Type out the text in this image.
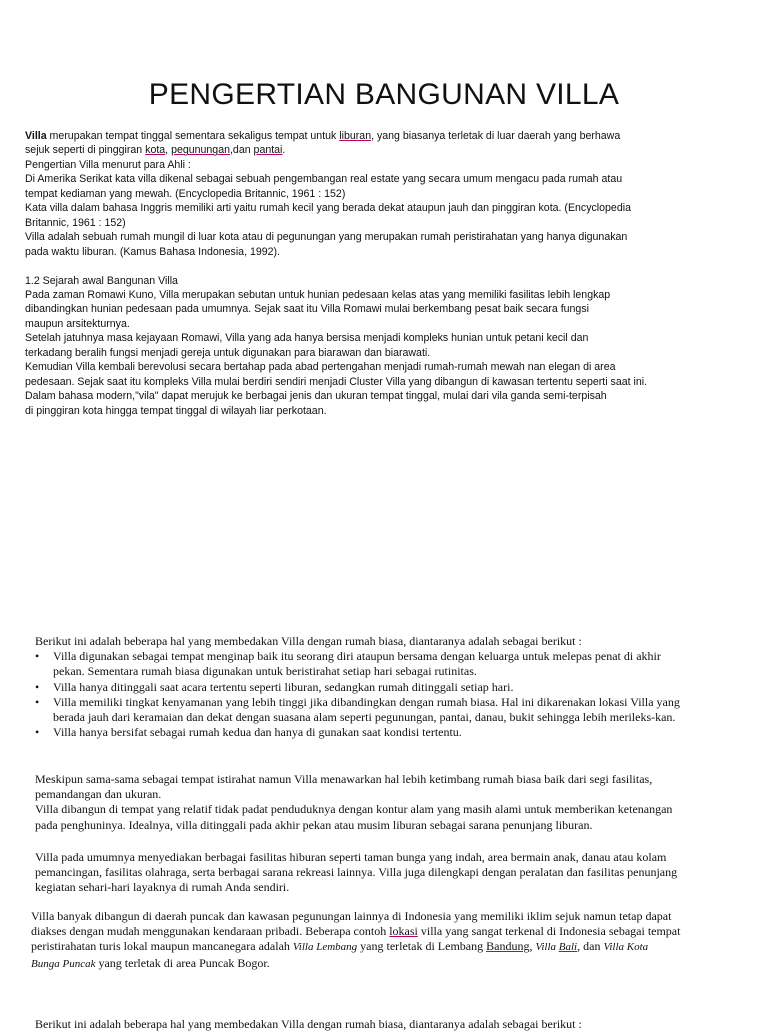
PENGERTIAN BANGUNAN VILLA

Villa merupakan tempat tinggal sementara sekaligus tempat untuk liburan, yang biasanya terletak di luar daerah yang berhawa
sejuk seperti di pinggiran kota, pegunungan,dan pantai.

Pengertian Villa menurut para Ahli :

Di Amerika Serikat kata villa dikenal sebagai sebuah pengembangan real estate yang secara umum mengacu pada rumah atau

tempat kediaman yang mewah. (Encyclopedia Britannic, 1961 : 152)

Kata villa dalam bahasa Inggris memiliki arti yaitu rumah kecil yang berada dekat ataupun jauh dan pinggiran kota. (Encyclopedia

Britannic, 1961 : 152)

Villa adalah sebuah rumah mungil di luar kota atau di pegunungan yang merupakan rumah peristirahatan yang hanya digunakan

pada waktu liburan. (Kamus Bahasa Indonesia, 1992).

1.2 Sejarah awal Bangunan Villa

Pada zaman Romawi Kuno, Villa merupakan sebutan untuk hunian pedesaan kelas atas yang memiliki fasilitas lebih lengkap

dibandingkan hunian pedesaan pada umumnya. Sejak saat itu Villa Romawi mulai berkembang pesat baik secara fungsi

maupun arsitekturnya.

Setelah jatuhnya masa kejayaan Romawi, Villa yang ada hanya bersisa menjadi kompleks hunian untuk petani kecil dan

terkadang beralih fungsi menjadi gereja untuk digunakan para biarawan dan biarawati.

Kemudian Villa kembali berevolusi secara bertahap pada abad pertengahan menjadi rumah-rumah mewah nan elegan di area

pedesaan. Sejak saat itu kompleks Villa mulai berdiri sendiri menjadi Cluster Villa yang dibangun di kawasan tertentu seperti saat ini.

Dalam bahasa modern,"vila" dapat merujuk ke berbagai jenis dan ukuran tempat tinggal, mulai dari vila ganda semi-terpisah

di pinggiran kota hingga tempat tinggal di wilayah liar perkotaan.

Berikut ini adalah beberapa hal yang membedakan Villa dengan rumah biasa, diantaranya adalah sebagai berikut :

• Villa digunakan sebagai tempat menginap baik itu seorang diri ataupun bersama dengan keluarga untuk melepas penat di akhir
pekan. Sementara rumah biasa digunakan untuk beristirahat setiap hari sebagai rutinitas.
• Villa hanya ditinggali saat acara tertentu seperti liburan, sedangkan rumah ditinggali setiap hari.
• Villa memiliki tingkat kenyamanan yang lebih tinggi jika dibandingkan dengan rumah biasa. Hal ini dikarenakan lokasi Villa yang
berada jauh dari keramaian dan dekat dengan suasana alam seperti pegunungan, pantai, danau, bukit sehingga lebih merileks-kan.
• Villa hanya bersifat sebagai rumah kedua dan hanya di gunakan saat kondisi tertentu.

Meskipun sama-sama sebagai tempat istirahat namun Villa menawarkan hal lebih ketimbang rumah biasa baik dari segi fasilitas,

pemandangan dan ukuran.

Villa dibangun di tempat yang relatif tidak padat penduduknya dengan kontur alam yang masih alami untuk memberikan ketenangan

pada penghuninya. Idealnya, villa ditinggali pada akhir pekan atau musim liburan sebagai sarana penunjang liburan.

Villa pada umumnya menyediakan berbagai fasilitas hiburan seperti taman bunga yang indah, area bermain anak, danau atau kolam

pemancingan, fasilitas olahraga, serta berbagai sarana rekreasi lainnya. Villa juga dilengkapi dengan peralatan dan fasilitas penunjang

kegiatan sehari-hari layaknya di rumah Anda sendiri.

Villa banyak dibangun di daerah puncak dan kawasan pegunungan lainnya di Indonesia yang memiliki iklim sejuk namun tetap dapat
diakses dengan mudah menggunakan kendaraan pribadi. Beberapa contoh lokasi villa yang sangat terkenal di Indonesia sebagai tempat
peristirahatan turis lokal maupun mancanegara adalah Villa Lembang yang terletak di Lembang Bandung, Villa Bali, dan Villa Kota
Bunga Puncak yang terletak di area Puncak Bogor.

Berikut ini adalah beberapa hal yang membedakan Villa dengan rumah biasa, diantaranya adalah sebagai berikut :
